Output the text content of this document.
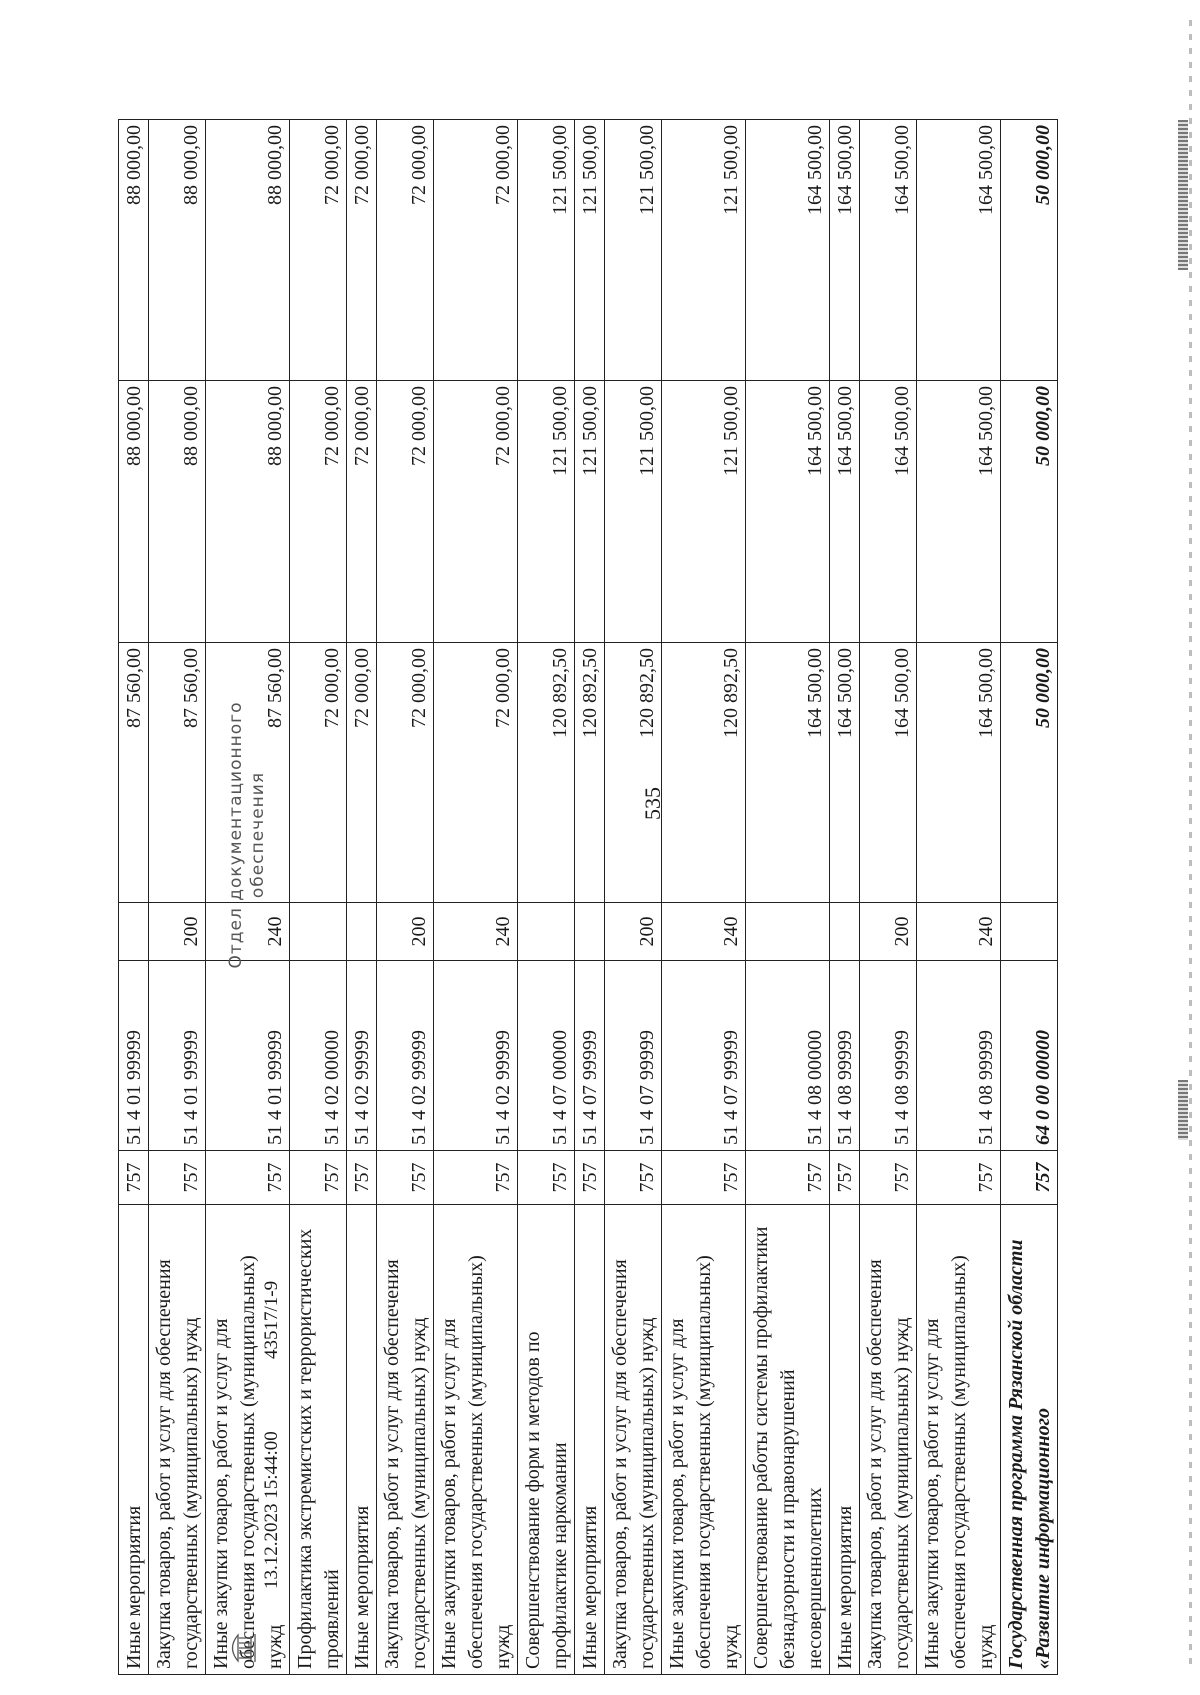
535
Иные мероприятия	757	51 4 01 99999		87 560,00	88 000,00	88 000,00
Закупка товаров, работ и услуг для обеспечения государственных (муниципальных) нужд	757	51 4 01 99999	200	87 560,00	88 000,00	88 000,00
Иные закупки товаров, работ и услуг для обеспечения государственных (муниципальных) нужд	757	51 4 01 99999	240	87 560,00	88 000,00	88 000,00
Профилактика экстремистских и террористических проявлений	757	51 4 02 00000		72 000,00	72 000,00	72 000,00
Иные мероприятия	757	51 4 02 99999		72 000,00	72 000,00	72 000,00
Закупка товаров, работ и услуг для обеспечения государственных (муниципальных) нужд	757	51 4 02 99999	200	72 000,00	72 000,00	72 000,00
Иные закупки товаров, работ и услуг для обеспечения государственных (муниципальных) нужд	757	51 4 02 99999	240	72 000,00	72 000,00	72 000,00
Совершенствование форм и методов по профилактике наркомании	757	51 4 07 00000		120 892,50	121 500,00	121 500,00
Иные мероприятия	757	51 4 07 99999		120 892,50	121 500,00	121 500,00
Закупка товаров, работ и услуг для обеспечения государственных (муниципальных) нужд	757	51 4 07 99999	200	120 892,50	121 500,00	121 500,00
Иные закупки товаров, работ и услуг для обеспечения государственных (муниципальных) нужд	757	51 4 07 99999	240	120 892,50	121 500,00	121 500,00
Совершенствование работы системы профилактики безнадзорности и правонарушений несовершеннолетних	757	51 4 08 00000		164 500,00	164 500,00	164 500,00
Иные мероприятия	757	51 4 08 99999		164 500,00	164 500,00	164 500,00
Закупка товаров, работ и услуг для обеспечения государственных (муниципальных) нужд	757	51 4 08 99999	200	164 500,00	164 500,00	164 500,00
Иные закупки товаров, работ и услуг для обеспечения государственных (муниципальных) нужд	757	51 4 08 99999	240	164 500,00	164 500,00	164 500,00
Государственная программа Рязанской области «Развитие информационного	757	64 0 00 00000		50 000,00	50 000,00	50 000,00
13.12.2023 15:44:00
43517/1-9
Отдел документационного обеспечения
